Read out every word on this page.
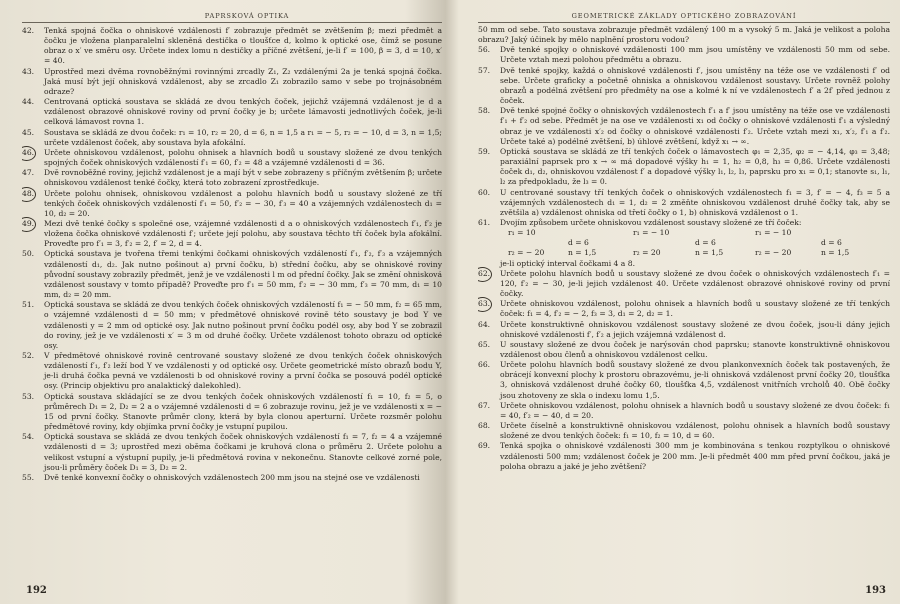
PAPRSKOVÁ OPTIKA

42.	Tenká spojná čočka o ohniskové vzdálenosti f′ zobrazuje předmět se zvětšením β; mezi předmět a čočku je vložena planparalelní skleněná destička o tloušťce d, kolmo k optické ose, čímž se posune obraz o x′ ve směru osy. Určete index lomu n destičky a příčné zvětšení, je-li f′ = 100, β = 3, d = 10, x′ = 40.

43.	Uprostřed mezi dvěma rovnoběžnými rovinnými zrcadly Z₁, Z₂ vzdálenými 2a je tenká spojná čočka. Jaká musí být její ohnisková vzdálenost, aby se zrcadlo Z₁ zobrazilo samo v sebe po trojnásobném odraze?

44.	Centrovaná optická soustava se skládá ze dvou tenkých čoček, jejichž vzájemná vzdálenost je d a vzdálenost obrazové ohniskové roviny od první čočky je b; určete lámavosti jednotlivých čoček, je-li celková lámavost rovna 1.

45.	Soustava se skládá ze dvou čoček: r₁ = 10, r₂ = 20, d = 6, n = 1,5 a r₁ = − 5, r₂ = − 10, d = 3, n = 1,5; určete vzdálenost čoček, aby soustava byla afokální.

46.	Určete ohniskovou vzdálenost, polohu ohnisek a hlavních bodů u soustavy složené ze dvou tenkých spojných čoček ohniskových vzdáleností f′₁ = 60, f′₂ = 48 a vzájemné vzdálenosti d = 36.

47.	Dvě rovnoběžné roviny, jejichž vzdálenost je a mají být v sebe zobrazeny s příčným zvětšením β; určete ohniskovou vzdálenost tenké čočky, která toto zobrazení zprostředkuje.

48.	Určete polohu ohnisek, ohniskovou vzdálenost a polohu hlavních bodů u soustavy složené ze tří tenkých čoček ohniskových vzdáleností f′₁ = 50, f′₂ = − 30, f′₃ = 40 a vzájemných vzdálenostech d₁ = 10, d₂ = 20.

49.	Mezi dvě tenké čočky s společné ose, vzájemné vzdálenosti d a o ohniskových vzdálenostech f′₁, f′₂ je vložena čočka ohniskové vzdálenosti f′; určete její polohu, aby soustava těchto tří čoček byla afokální. Proveďte pro f′₁ = 3, f′₂ = 2, f′ = 2, d = 4.

50.	Optická soustava je tvořena třemi tenkými čočkami ohniskových vzdáleností f′₁, f′₂, f′₃ a vzájemných vzdáleností d₁, d₂. Jak nutno pošinout a) první čočku, b) střední čočku, aby se ohniskové roviny původní soustavy zobrazily předmět, jenž je ve vzdálenosti l m od přední čočky. Jak se změní ohnisková vzdálenost soustavy v tomto případě? Proveďte pro f′₁ = 50 mm, f′₂ = − 30 mm, f′₃ = 70 mm, d₁ = 10 mm, d₂ = 20 mm.

51.	Optická soustava se skládá ze dvou tenkých čoček ohniskových vzdáleností f₁ = − 50 mm, f₂ = 65 mm, o vzájemné vzdálenosti d = 50 mm; v předmětové ohniskové rovině této soustavy je bod Y ve vzdálenosti y = 2 mm od optické osy. Jak nutno pošinout první čočku podél osy, aby bod Y se zobrazil do roviny, jež je ve vzdálenosti x′ = 3 m od druhé čočky. Určete vzdálenost tohoto obrazu od optické osy.

52.	V předmětové ohniskové rovině centrované soustavy složené ze dvou tenkých čoček ohniskových vzdáleností f′₁, f′₂ leží bod Y ve vzdálenosti y od optické osy. Určete geometrické místo obrazů bodu Y, je-li druhá čočka pevná ve vzdálenosti b od ohniskové roviny a první čočka se posouvá podél optické osy. (Princip objektivu pro analaktický dalekohled).

53.	Optická soustava skládající se ze dvou tenkých čoček ohniskových vzdáleností f₁ = 10, f₂ = 5, o průměrech D₁ = 2, D₂ = 2 a o vzájemné vzdálenosti d = 6 zobrazuje rovinu, jež je ve vzdálenosti x = − 15 od první čočky. Stanovte průměr clony, která by byla clonou aperturní. Určete rozsměr polohu předmětové roviny, kdy objímka první čočky je vstupní pupilou.

54.	Optická soustava se skládá ze dvou tenkých čoček ohniskových vzdáleností f₁ = 7, f₂ = 4 a vzájemné vzdálenosti d = 3; uprostřed mezi oběma čočkami je kruhová clona o průměru 2. Určete polohu a velikost vstupní a výstupní pupily, je-li předmětová rovina v nekonečnu. Stanovte celkové zorné pole, jsou-li průměry čoček D₁ = 3, D₂ = 2.

55.	Dvě tenké konvexní čočky o ohniskových vzdálenostech 200 mm jsou na stejné ose ve vzdálenosti

192
GEOMETRICKÉ ZÁKLADY OPTICKÉHO ZOBRAZOVÁNÍ

50 mm od sebe. Tato soustava zobrazuje předmět vzdálený 100 m a vysoký 5 m. Jaká je velikost a poloha obrazu? Jaký účinek by mělo naplnění prostoru vodou?

56.	Dvě tenké spojky o ohniskové vzdálenosti 100 mm jsou umístěny ve vzdálenosti 50 mm od sebe. Určete vztah mezi polohou předmětu a obrazu.

57.	Dvě tenké spojky, každá o ohniskové vzdálenosti f′, jsou umístěny na téže ose ve vzdálenosti f′ od sebe. Určete graficky a početně ohniska a ohniskovou vzdálenost soustavy. Určete rovněž polohy obrazů a podélná zvětšení pro předměty na ose a kolmé k ní ve vzdálenostech f′ a 2f′ před jednou z čoček.

58.	Dvě tenké spojné čočky o ohniskových vzdálenostech f′₁ a f′ jsou umístěny na téže ose ve vzdálenosti f′₁ + f′₂ od sebe. Předmět je na ose ve vzdálenosti x₁ od čočky o ohniskové vzdálenosti f′₁ a výsledný obraz je ve vzdálenosti x′₂ od čočky o ohniskové vzdálenosti f′₂. Určete vztah mezi x₁, x′₂, f′₁ a f′₂. Určete také a) podélné zvětšení, b) úhlové zvětšení, když x₁ → ∞.

59.	Optická soustava se skládá ze tří tenkých čoček o lámavostech φ₁ = 2,35, φ₂ = − 4,14, φ₃ = 3,48; paraxiální paprsek pro x → ∞ má dopadové výšky h₁ = 1, h₂ = 0,8, h₃ = 0,86. Určete vzdálenosti čoček d₁, d₂, ohniskovou vzdálenost f′ a dopadové výšky l₁, l₂, l₃, paprsku pro x₁ = 0,1; stanovte s₁, l₁, l₂ za předpokladu, že l₃ = 0.

60.	U centrované soustavy tří tenkých čoček o ohniskových vzdálenostech f₁ = 3, f′ = − 4, f₃ = 5 a vzájemných vzdálenostech d₁ = 1, d₂ = 2 změňte ohniskovou vzdálenost druhé čočky tak, aby se zvětšila a) vzdálenost ohniska od třetí čočky o 1, b) ohnisková vzdálenost o 1.

61.	Dvojím způsobem určete ohniskovou vzdálenost soustavy složené ze tří čoček:

r₁ = 10	r₁ = − 10	r₁ = − 10
d = 6	d = 6	d = 6
r₂ = − 20	n = 1,5	r₂ = 20	n = 1,5	r₂ = − 20	n = 1,5

je-li optický interval čočkami 4 a 8.

62.	Určete polohu hlavních bodů u soustavy složené ze dvou čoček o ohniskových vzdálenostech f′₁ = 120, f′₂ = − 30, je-li jejich vzdálenost 40. Určete vzdálenost obrazové ohniskové roviny od první čočky.

63.	Určete ohniskovou vzdálenost, polohu ohnisek a hlavních bodů u soustavy složené ze tří tenkých čoček: f₁ = 4, f′₂ = − 2, f₃ = 3, d₁ = 2, d₂ = 1.

64.	Určete konstruktivně ohniskovou vzdálenost soustavy složené ze dvou čoček, jsou-li dány jejich ohniskové vzdálenosti f′, f′₂ a jejich vzájemná vzdálenost d.

65.	U soustavy složené ze dvou čoček je narýsován chod paprsku; stanovte konstruktivně ohniskovou vzdálenost obou členů a ohniskovou vzdálenost celku.

66.	Určete polohu hlavních bodů soustavy složené ze dvou plankonvexních čoček tak postavených, že obrácejí konvexní plochy k prostoru obrazovému, je-li ohnisková vzdálenost první čočky 20, tloušťka 3, ohnisková vzdálenost druhé čočky 60, tloušťka 4,5, vzdálenost vnitřních vrcholů 40. Obě čočky jsou zhotoveny ze skla o indexu lomu 1,5.

67.	Určete ohniskovou vzdálenost, polohu ohnisek a hlavních bodů u soustavy složené ze dvou čoček: f₁ = 40, f′₂ = − 40, d = 20.

68.	Určete číselně a konstruktivně ohniskovou vzdálenost, polohu ohnisek a hlavních bodů soustavy složené ze dvou tenkých čoček: f₁ = 10, f₂ = 10, d = 60.

69.	Tenká spojka o ohniskové vzdálenosti 300 mm je kombinována s tenkou rozptylkou o ohniskové vzdálenosti 500 mm; vzdálenost čoček je 200 mm. Je-li předmět 400 mm před první čočkou, jaká je poloha obrazu a jaké je jeho zvětšení?

193
